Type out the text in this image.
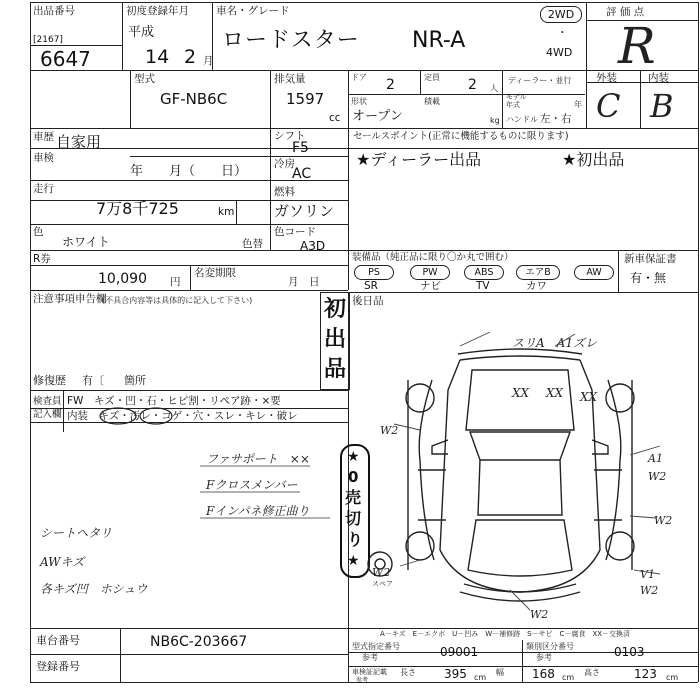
出品番号
[2167]
6647
初度登録年月
平成
14 2 月
車名・グレード
ロードスター NR-A
2WD
・
4WD
評 価 点
R
型式
GF-NB6C
排気量
1597
cc
ドア 2	定員 2 人
ディーラー・並行
形状
オープン
積載
kg
モデル年式	年
ハンドル 左・右
外装	内装
C B
車歴 自家用	シフト
F5
車検
年　　月（　　日）	冷房
AC
走行
7万8千725	km
燃料
ガソリン
色
ホワイト	色替
色コード
A3D
R券
10,090 円
名変期限
月　日
セールスポイント(正常に機能するものに限ります)
★ディーラー出品	★初出品
装備品（純正品に限り〇か丸で囲む）
PS	PW	ABS	エアB	AW
SR	ナビ	TV	カワ
新車保証書
有・無
注意事項申告欄
(不具合内容等は具体的に記入して下さい)	初
出
品
修復歴 有〔 箇所
検査員
記入欄
FW　キズ・凹・石・ヒビ割・リペア跡・×要
内装　キズ・汚レ・コゲ・穴・スレ・キレ・破レ
★
0
売
切
り
★
ファサポート　××
Fクロスメンバー
Fインパネ修正曲り
シートヘタリ
AWキズ
各キズ凹　ホシュウ
後日品
スリA　A1ズレ
XX XX XX
W2
A1
W2
W2
W2	V1
W2
W2
スペア
車台番号	NB6C-203667
登録番号
A－キズ　E－エクボ　U－凹み　W－補修跡　S－サビ　C－腐食　XX－交換済
型式指定番号
参考	09001	類別区分番号
参考	0103
車検証記載
参考
長さ 395 cm
幅 168 cm
高さ	123 cm
